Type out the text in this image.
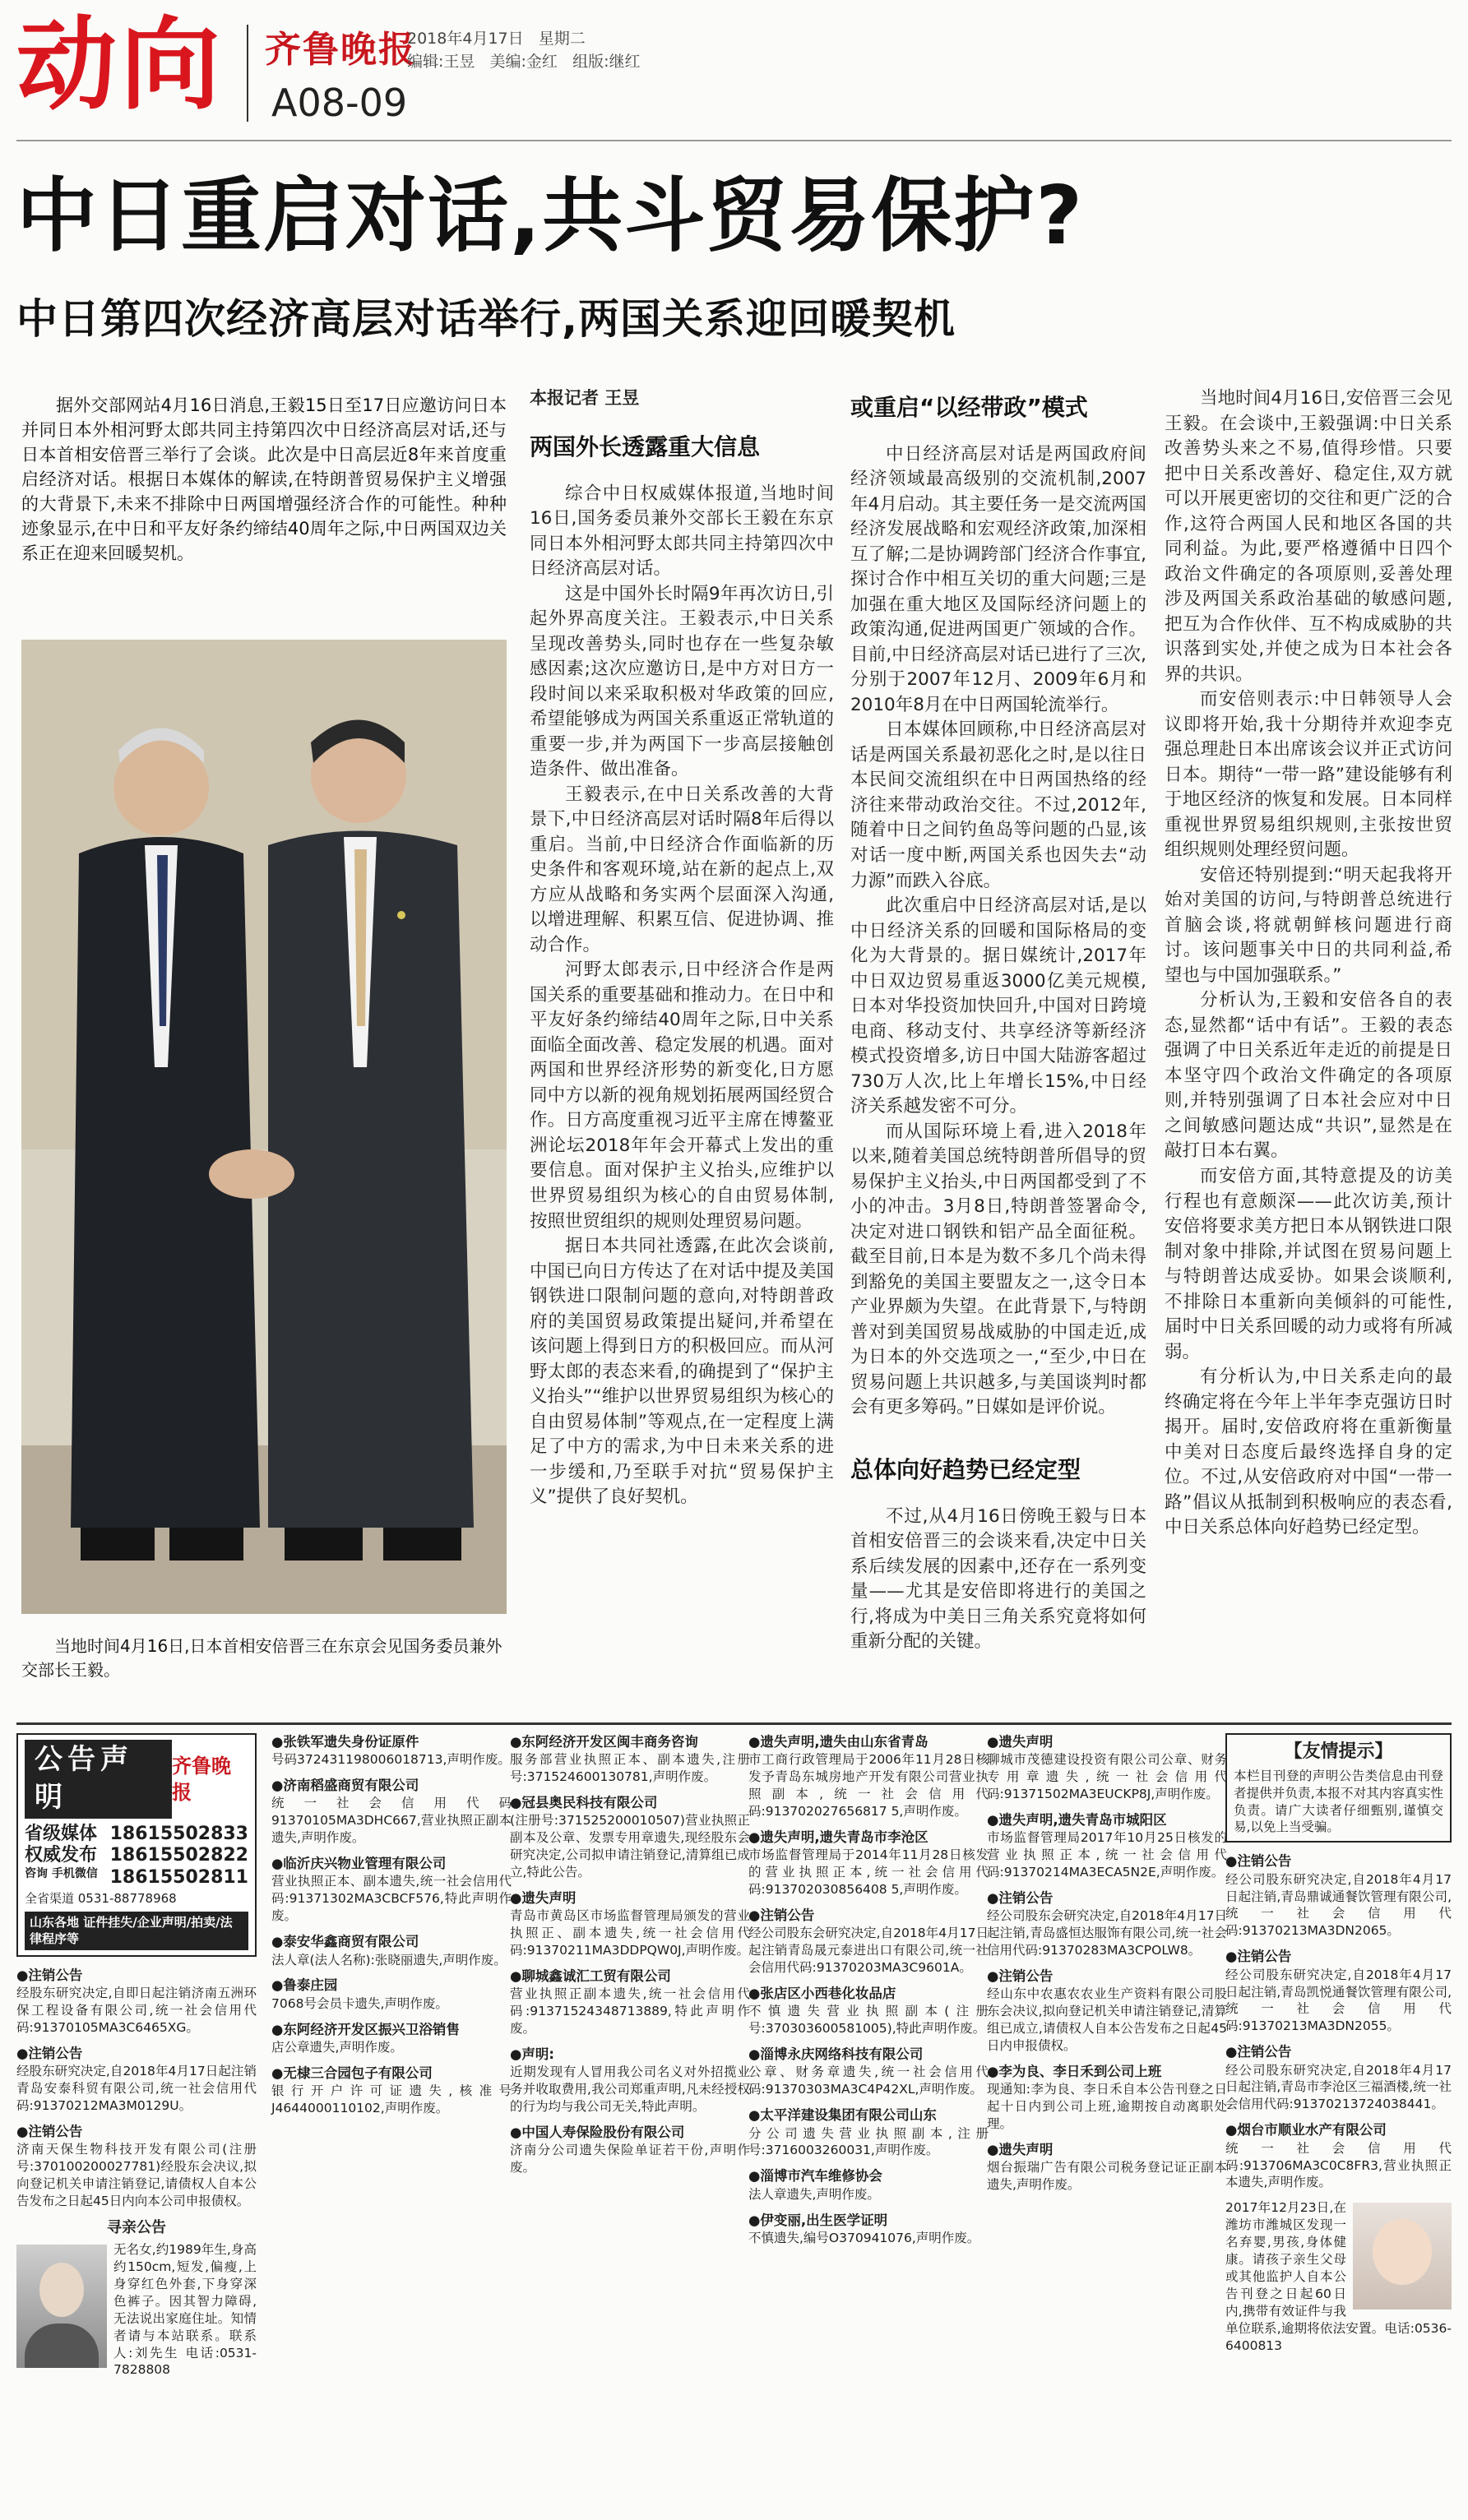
动向 齐鲁晚报
2018年4月17日 星期二
编辑:王昱 美编:金红 组版:继红
A08-09
中日重启对话,共斗贸易保护?
中日第四次经济高层对话举行,两国关系迎回暖契机

据外交部网站4月16日消息,王毅15日至17日应邀访问日本并同日本外相河野太郎共同主持第四次中日经济高层对话,还与日本首相安倍晋三举行了会谈。此次是中日高层近8年来首度重启经济对话。根据日本媒体的解读,在特朗普贸易保护主义增强的大背景下,未来不排除中日两国增强经济合作的可能性。种种迹象显示,在中日和平友好条约缔结40周年之际,中日两国双边关系正在迎来回暖契机。

当地时间4月16日,日本首相安倍晋三在东京会见国务委员兼外交部长王毅。

本报记者 王昱
两国外长透露重大信息

综合中日权威媒体报道,当地时间16日,国务委员兼外交部长王毅在东京同日本外相河野太郎共同主持第四次中日经济高层对话。

这是中国外长时隔9年再次访日,引起外界高度关注。王毅表示,中日关系呈现改善势头,同时也存在一些复杂敏感因素;这次应邀访日,是中方对日方一段时间以来采取积极对华政策的回应,希望能够成为两国关系重返正常轨道的重要一步,并为两国下一步高层接触创造条件、做出准备。

王毅表示,在中日关系改善的大背景下,中日经济高层对话时隔8年后得以重启。当前,中日经济合作面临新的历史条件和客观环境,站在新的起点上,双方应从战略和务实两个层面深入沟通,以增进理解、积累互信、促进协调、推动合作。

河野太郎表示,日中经济合作是两国关系的重要基础和推动力。在日中和平友好条约缔结40周年之际,日中关系面临全面改善、稳定发展的机遇。面对两国和世界经济形势的新变化,日方愿同中方以新的视角规划拓展两国经贸合作。日方高度重视习近平主席在博鳌亚洲论坛2018年年会开幕式上发出的重要信息。面对保护主义抬头,应维护以世界贸易组织为核心的自由贸易体制,按照世贸组织的规则处理贸易问题。

据日本共同社透露,在此次会谈前,中国已向日方传达了在对话中提及美国钢铁进口限制问题的意向,对特朗普政府的美国贸易政策提出疑问,并希望在该问题上得到日方的积极回应。而从河野太郎的表态来看,的确提到了“保护主义抬头”“维护以世界贸易组织为核心的自由贸易体制”等观点,在一定程度上满足了中方的需求,为中日未来关系的进一步缓和,乃至联手对抗“贸易保护主义”提供了良好契机。

或重启“以经带政”模式

中日经济高层对话是两国政府间经济领域最高级别的交流机制,2007年4月启动。其主要任务一是交流两国经济发展战略和宏观经济政策,加深相互了解;二是协调跨部门经济合作事宜,探讨合作中相互关切的重大问题;三是加强在重大地区及国际经济问题上的政策沟通,促进两国更广领域的合作。目前,中日经济高层对话已进行了三次,分别于2007年12月、2009年6月和2010年8月在中日两国轮流举行。

日本媒体回顾称,中日经济高层对话是两国关系最初恶化之时,是以往日本民间交流组织在中日两国热络的经济往来带动政治交往。不过,2012年,随着中日之间钓鱼岛等问题的凸显,该对话一度中断,两国关系也因失去“动力源”而跌入谷底。

此次重启中日经济高层对话,是以中日经济关系的回暖和国际格局的变化为大背景的。据日媒统计,2017年中日双边贸易重返3000亿美元规模,日本对华投资加快回升,中国对日跨境电商、移动支付、共享经济等新经济模式投资增多,访日中国大陆游客超过730万人次,比上年增长15%,中日经济关系越发密不可分。

而从国际环境上看,进入2018年以来,随着美国总统特朗普所倡导的贸易保护主义抬头,中日两国都受到了不小的冲击。3月8日,特朗普签署命令,决定对进口钢铁和铝产品全面征税。截至目前,日本是为数不多几个尚未得到豁免的美国主要盟友之一,这令日本产业界颇为失望。在此背景下,与特朗普对到美国贸易战威胁的中国走近,成为日本的外交选项之一,“至少,中日在贸易问题上共识越多,与美国谈判时都会有更多筹码。”日媒如是评价说。

总体向好趋势已经定型

不过,从4月16日傍晚王毅与日本首相安倍晋三的会谈来看,决定中日关系后续发展的因素中,还存在一系列变量——尤其是安倍即将进行的美国之行,将成为中美日三角关系究竟将如何重新分配的关键。

当地时间4月16日,安倍晋三会见王毅。在会谈中,王毅强调:中日关系改善势头来之不易,值得珍惜。只要把中日关系改善好、稳定住,双方就可以开展更密切的交往和更广泛的合作,这符合两国人民和地区各国的共同利益。为此,要严格遵循中日四个政治文件确定的各项原则,妥善处理涉及两国关系政治基础的敏感问题,把互为合作伙伴、互不构成威胁的共识落到实处,并使之成为日本社会各界的共识。

而安倍则表示:中日韩领导人会议即将开始,我十分期待并欢迎李克强总理赴日本出席该会议并正式访问日本。期待“一带一路”建设能够有利于地区经济的恢复和发展。日本同样重视世界贸易组织规则,主张按世贸组织规则处理经贸问题。

安倍还特别提到:“明天起我将开始对美国的访问,与特朗普总统进行首脑会谈,将就朝鲜核问题进行商讨。该问题事关中日的共同利益,希望也与中国加强联系。”

分析认为,王毅和安倍各自的表态,显然都“话中有话”。王毅的表态强调了中日关系近年走近的前提是日本坚守四个政治文件确定的各项原则,并特别强调了日本社会应对中日之间敏感问题达成“共识”,显然是在敲打日本右翼。

而安倍方面,其特意提及的访美行程也有意颇深——此次访美,预计安倍将要求美方把日本从钢铁进口限制对象中排除,并试图在贸易问题上与特朗普达成妥协。如果会谈顺利,不排除日本重新向美倾斜的可能性,届时中日关系回暖的动力或将有所减弱。

有分析认为,中日关系走向的最终确定将在今年上半年李克强访日时揭开。届时,安倍政府将在重新衡量中美对日态度后最终选择自身的定位。不过,从安倍政府对中国“一带一路”倡议从抵制到积极响应的表态看,中日关系总体向好趋势已经定型。

公告声明
齐鲁晚报
省级媒体
权威发布
咨询 手机微信
18615502833
18615502822
18615502811
全省渠道 0531-88778968
山东各地 证件挂失/企业声明/拍卖/法律程序等
●注销公告
经股东研究决定,自即日起注销济南五洲环保工程设备有限公司,统一社会信用代码:91370105MA3C6465XG。
●注销公告
经股东研究决定,自2018年4月17日起注销青岛安泰科贸有限公司,统一社会信用代码:91370212MA3M0129U。
●注销公告
济南天保生物科技开发有限公司(注册号:370100200027781)经股东会决议,拟向登记机关申请注销登记,请债权人自本公告发布之日起45日内向本公司申报债权。
寻亲公告
无名女,约1989年生,身高约150cm,短发,偏瘦,上身穿红色外套,下身穿深色裤子。因其智力障碍,无法说出家庭住址。知情者请与本站联系。联系人:刘先生 电话:0531-7828808
●张铁军遗失身份证原件
号码372431198006018713,声明作废。
●济南稻盛商贸有限公司
统一社会信用代码91370105MA3DHC667,营业执照正副本遗失,声明作废。
●临沂庆兴物业管理有限公司
营业执照正本、副本遗失,统一社会信用代码:91371302MA3CBCF576,特此声明作废。
●泰安华鑫商贸有限公司
法人章(法人名称):张晓丽遗失,声明作废。
●鲁泰庄园
7068号会员卡遗失,声明作废。
●东阿经济开发区振兴卫浴销售
店公章遗失,声明作废。
●无棣三合园包子有限公司
银行开户许可证遗失,核准号J4644000110102,声明作废。
●东阿经济开发区闽丰商务咨询
服务部营业执照正本、副本遗失,注册号:371524600130781,声明作废。
●冠县奥民科技有限公司
(注册号:371525200010507)营业执照正副本及公章、发票专用章遗失,现经股东会研究决定,公司拟申请注销登记,清算组已成立,特此公告。
●遗失声明
青岛市黄岛区市场监督管理局颁发的营业执照正、副本遗失,统一社会信用代码:91370211MA3DDPQW0J,声明作废。
●聊城鑫诚汇工贸有限公司
营业执照正副本遗失,统一社会信用代码:91371524348713889,特此声明作废。
●声明:
近期发现有人冒用我公司名义对外招揽业务并收取费用,我公司郑重声明,凡未经授权的行为均与我公司无关,特此声明。
●中国人寿保险股份有限公司
济南分公司遗失保险单证若干份,声明作废。
●遗失声明,遗失由山东省青岛
市工商行政管理局于2006年11月28日核发予青岛东城房地产开发有限公司营业执照副本,统一社会信用代码:913702027656817 5,声明作废。
●遗失声明,遗失青岛市李沧区
市场监督管理局于2014年11月28日核发的营业执照正本,统一社会信用代码:913702030856408 5,声明作废。
●注销公告
经公司股东会研究决定,自2018年4月17日起注销青岛晟元泰进出口有限公司,统一社会信用代码:91370203MA3C9601A。
●张店区小西巷化妆品店
不慎遗失营业执照副本(注册号:370303600581005),特此声明作废。
●淄博永庆网络科技有限公司
公章、财务章遗失,统一社会信用代码:91370303MA3C4P42XL,声明作废。
●太平洋建设集团有限公司山东
分公司遗失营业执照副本,注册号:3716003260031,声明作废。
●淄博市汽车维修协会
法人章遗失,声明作废。
●伊变丽,出生医学证明
不慎遗失,编号O370941076,声明作废。
●遗失声明
聊城市茂德建设投资有限公司公章、财务专用章遗失,统一社会信用代码:91371502MA3EUCKP8J,声明作废。
●遗失声明,遗失青岛市城阳区
市场监督管理局2017年10月25日核发的营业执照正本,统一社会信用代码:91370214MA3ECA5N2E,声明作废。
●注销公告
经公司股东会研究决定,自2018年4月17日起注销,青岛盛恒达服饰有限公司,统一社会信用代码:91370283MA3CPOLW8。
●注销公告
经山东中农惠农农业生产资料有限公司股东会决议,拟向登记机关申请注销登记,清算组已成立,请债权人自本公告发布之日起45日内申报债权。
●李为良、李日禾到公司上班
现通知:李为良、李日禾自本公告刊登之日起十日内到公司上班,逾期按自动离职处理。
●遗失声明
烟台振瑞广告有限公司税务登记证正副本遗失,声明作废。
【友情提示】
本栏目刊登的声明公告类信息由刊登者提供并负责,本报不对其内容真实性负责。请广大读者仔细甄别,谨慎交易,以免上当受骗。
●注销公告
经公司股东研究决定,自2018年4月17日起注销,青岛鼎诚通餐饮管理有限公司,统一社会信用代码:91370213MA3DN2065。
●注销公告
经公司股东研究决定,自2018年4月17日起注销,青岛凯悦通餐饮管理有限公司,统一社会信用代码:91370213MA3DN2055。
●注销公告
经公司股东研究决定,自2018年4月17日起注销,青岛市李沧区三福酒楼,统一社会信用代码:91370213724038441。
●烟台市顺业水产有限公司
统一社会信用代码:913706MA3C0C8FR3,营业执照正本遗失,声明作废。
2017年12月23日,在潍坊市潍城区发现一名弃婴,男孩,身体健康。请孩子亲生父母或其他监护人自本公告刊登之日起60日内,携带有效证件与我单位联系,逾期将依法安置。电话:0536-6400813
